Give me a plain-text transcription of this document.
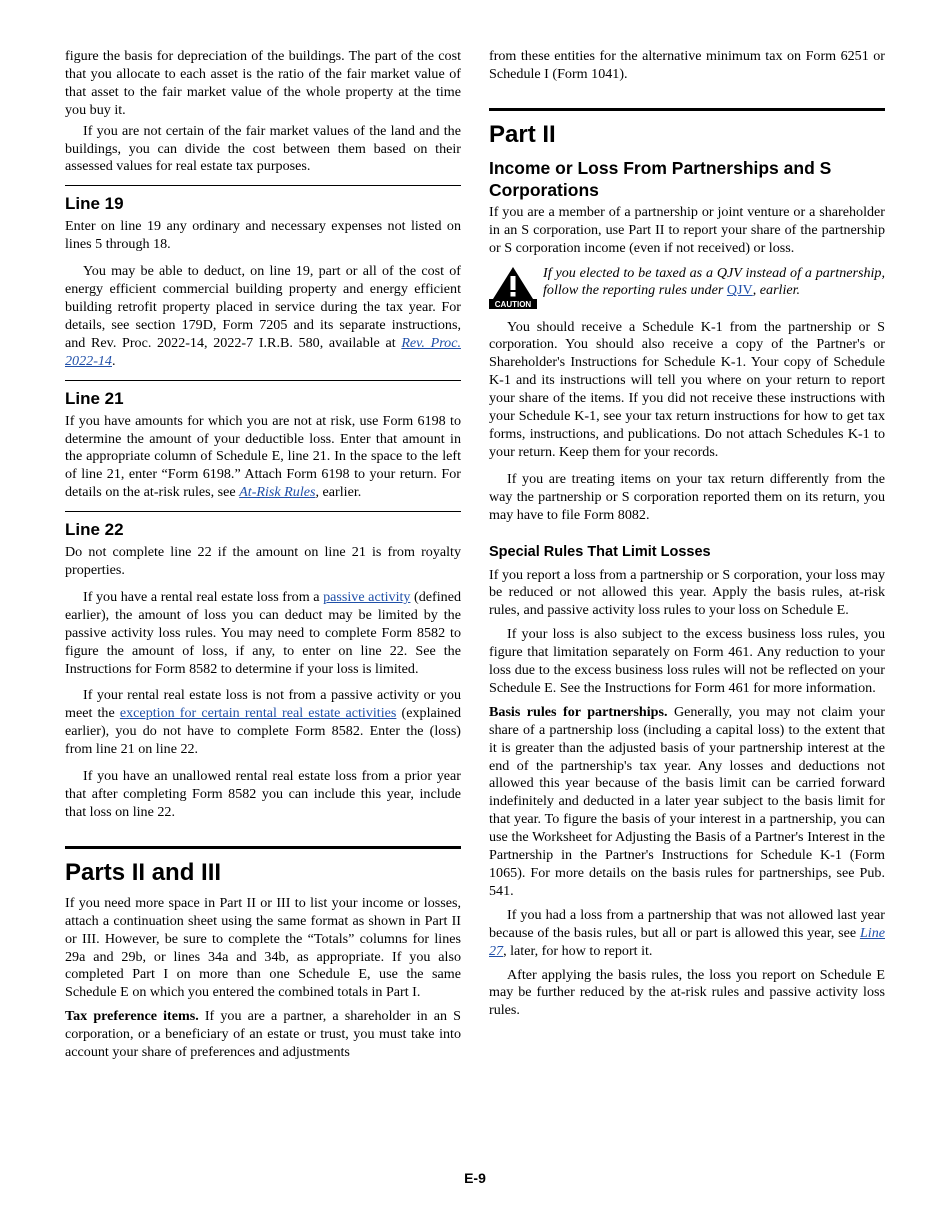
figure the basis for depreciation of the buildings. The part of the cost that you allocate to each asset is the ratio of the fair market value of that asset to the fair market value of the whole property at the time you buy it.

If you are not certain of the fair market values of the land and the buildings, you can divide the cost between them based on their assessed values for real estate tax purposes.

Line 19

Enter on line 19 any ordinary and necessary expenses not listed on lines 5 through 18.

You may be able to deduct, on line 19, part or all of the cost of energy efficient commercial building property and energy efficient building retrofit property placed in service during the tax year. For details, see section 179D, Form 7205 and its separate instructions, and Rev. Proc. 2022-14, 2022-7 I.R.B. 580, available at Rev. Proc. 2022-14.

Line 21

If you have amounts for which you are not at risk, use Form 6198 to determine the amount of your deductible loss. Enter that amount in the appropriate column of Schedule E, line 21. In the space to the left of line 21, enter “Form 6198.” Attach Form 6198 to your return. For details on the at-risk rules, see At-Risk Rules, earlier.

Line 22

Do not complete line 22 if the amount on line 21 is from royalty properties.

If you have a rental real estate loss from a passive activity (defined earlier), the amount of loss you can deduct may be limited by the passive activity loss rules. You may need to complete Form 8582 to figure the amount of loss, if any, to enter on line 22. See the Instructions for Form 8582 to determine if your loss is limited.

If your rental real estate loss is not from a passive activity or you meet the exception for certain rental real estate activities (explained earlier), you do not have to complete Form 8582. Enter the (loss) from line 21 on line 22.

If you have an unallowed rental real estate loss from a prior year that after completing Form 8582 you can include this year, include that loss on line 22.

Parts II and III

If you need more space in Part II or III to list your income or losses, attach a continuation sheet using the same format as shown in Part II or III. However, be sure to complete the “Totals” columns for lines 29a and 29b, or lines 34a and 34b, as appropriate. If you also completed Part I on more than one Schedule E, use the same Schedule E on which you entered the combined totals in Part I.

Tax preference items. If you are a partner, a shareholder in an S corporation, or a beneficiary of an estate or trust, you must take into account your share of preferences and adjustments

from these entities for the alternative minimum tax on Form 6251 or Schedule I (Form 1041).

Part II
Income or Loss From Partnerships and S Corporations

If you are a member of a partnership or joint venture or a shareholder in an S corporation, use Part II to report your share of the partnership or S corporation income (even if not received) or loss.

CAUTION
If you elected to be taxed as a QJV instead of a partnership, follow the reporting rules under QJV, earlier.

You should receive a Schedule K-1 from the partnership or S corporation. You should also receive a copy of the Partner's or Shareholder's Instructions for Schedule K-1. Your copy of Schedule K-1 and its instructions will tell you where on your return to report your share of the items. If you did not receive these instructions with your Schedule K-1, see your tax return instructions for how to get tax forms, instructions, and publications. Do not attach Schedules K-1 to your return. Keep them for your records.

If you are treating items on your tax return differently from the way the partnership or S corporation reported them on its return, you may have to file Form 8082.

Special Rules That Limit Losses

If you report a loss from a partnership or S corporation, your loss may be reduced or not allowed this year. Apply the basis rules, at-risk rules, and passive activity loss rules to your loss on Schedule E.

If your loss is also subject to the excess business loss rules, you figure that limitation separately on Form 461. Any reduction to your loss due to the excess business loss rules will not be reflected on your Schedule E. See the Instructions for Form 461 for more information.

Basis rules for partnerships. Generally, you may not claim your share of a partnership loss (including a capital loss) to the extent that it is greater than the adjusted basis of your partnership interest at the end of the partnership's tax year. Any losses and deductions not allowed this year because of the basis limit can be carried forward indefinitely and deducted in a later year subject to the basis limit for that year. To figure the basis of your interest in a partnership, you can use the Worksheet for Adjusting the Basis of a Partner's Interest in the Partnership in the Partner's Instructions for Schedule K-1 (Form 1065). For more details on the basis rules for partnerships, see Pub. 541.

If you had a loss from a partnership that was not allowed last year because of the basis rules, but all or part is allowed this year, see Line 27, later, for how to report it.

After applying the basis rules, the loss you report on Schedule E may be further reduced by the at-risk rules and passive activity loss rules.

E-9
